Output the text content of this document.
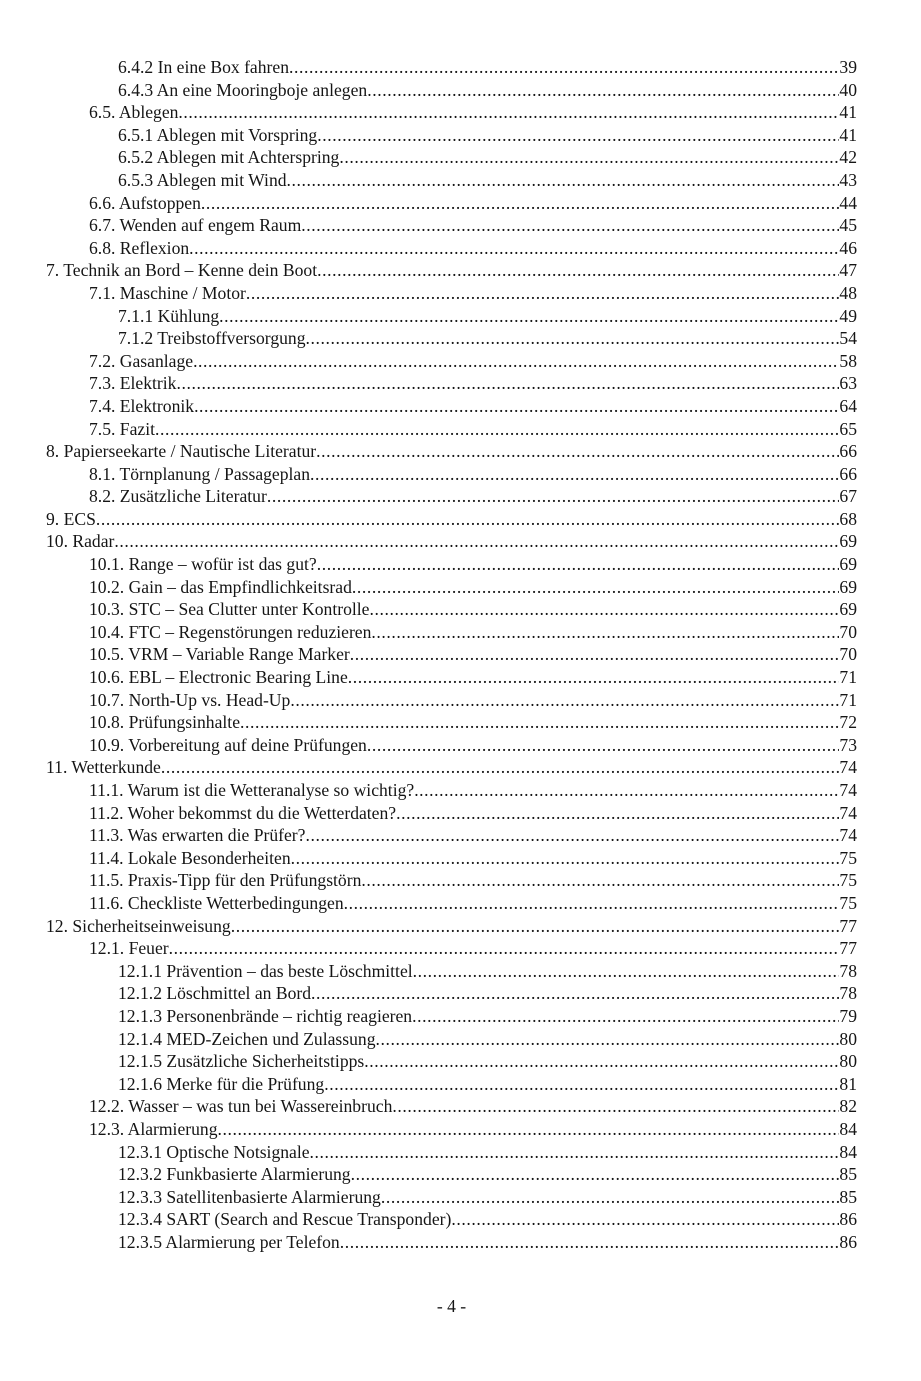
6.4.2 In eine Box fahren .....	39
6.4.3 An eine Mooringboje anlegen .....	40
6.5. Ablegen .....	41
6.5.1 Ablegen mit Vorspring .....	41
6.5.2 Ablegen mit Achterspring .....	42
6.5.3 Ablegen mit Wind .....	43
6.6. Aufstoppen .....	44
6.7. Wenden auf engem Raum .....	45
6.8. Reflexion .....	46
7. Technik an Bord – Kenne dein Boot .....	47
7.1. Maschine / Motor .....	48
7.1.1 Kühlung .....	49
7.1.2 Treibstoffversorgung .....	54
7.2. Gasanlage .....	58
7.3. Elektrik .....	63
7.4. Elektronik .....	64
7.5. Fazit .....	65
8. Papierseekarte / Nautische Literatur .....	66
8.1. Törnplanung / Passageplan .....	66
8.2. Zusätzliche Literatur .....	67
9. ECS .....	68
10. Radar .....	69
10.1. Range – wofür ist das gut? .....	69
10.2. Gain – das Empfindlichkeitsrad .....	69
10.3. STC – Sea Clutter unter Kontrolle .....	69
10.4. FTC – Regenstörungen reduzieren .....	70
10.5. VRM – Variable Range Marker .....	70
10.6. EBL – Electronic Bearing Line .....	71
10.7. North-Up vs. Head-Up .....	71
10.8. Prüfungsinhalte .....	72
10.9. Vorbereitung auf deine Prüfungen .....	73
11. Wetterkunde .....	74
11.1. Warum ist die Wetteranalyse so wichtig? .....	74
11.2. Woher bekommst du die Wetterdaten? .....	74
11.3. Was erwarten die Prüfer? .....	74
11.4. Lokale Besonderheiten .....	75
11.5. Praxis-Tipp für den Prüfungstörn .....	75
11.6. Checkliste Wetterbedingungen .....	75
12. Sicherheitseinweisung .....	77
12.1. Feuer .....	77
12.1.1 Prävention – das beste Löschmittel .....	78
12.1.2 Löschmittel an Bord .....	78
12.1.3 Personenbrände – richtig reagieren .....	79
12.1.4 MED-Zeichen und Zulassung .....	80
12.1.5 Zusätzliche Sicherheitstipps .....	80
12.1.6 Merke für die Prüfung .....	81
12.2. Wasser – was tun bei Wassereinbruch .....	82
12.3. Alarmierung .....	84
12.3.1 Optische Notsignale .....	84
12.3.2 Funkbasierte Alarmierung .....	85
12.3.3 Satellitenbasierte Alarmierung .....	85
12.3.4 SART (Search and Rescue Transponder) .....	86
12.3.5 Alarmierung per Telefon .....	86
- 4 -
